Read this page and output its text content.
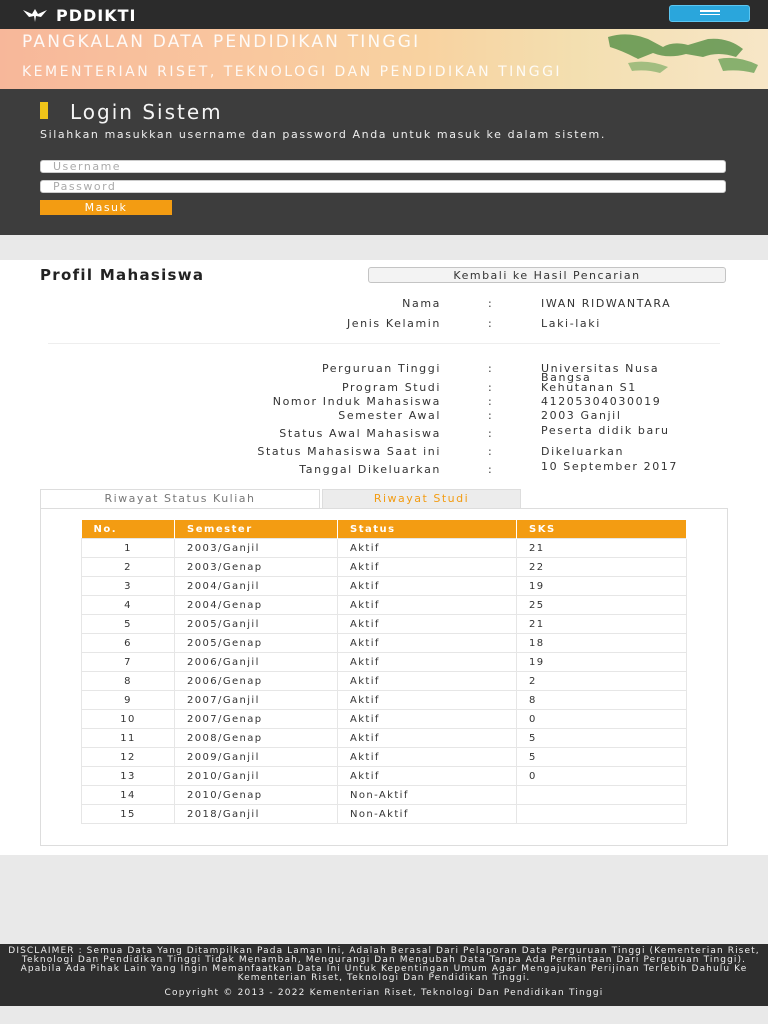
PDDIKTI
PANGKALAN DATA PENDIDIKAN TINGGI
KEMENTERIAN RISET, TEKNOLOGI DAN PENDIDIKAN TINGGI
Login Sistem
Silahkan masukkan username dan password Anda untuk masuk ke dalam sistem.
Username
Masuk
Profil Mahasiswa	Kembali ke Hasil Pencarian
Nama	:	IWAN RIDWANTARA
Jenis Kelamin	:	Laki-laki
Perguruan Tinggi	:	Universitas Nusa Bangsa
Program Studi	:	Kehutanan S1
Nomor Induk Mahasiswa	:	41205304030019
Semester Awal	:	2003 Ganjil
Status Awal Mahasiswa	:	Peserta didik baru
Status Mahasiswa Saat ini	:	Dikeluarkan
Tanggal Dikeluarkan	:	10 September 2017
Riwayat Status Kuliah	Riwayat Studi
No.	Semester	Status	SKS
1	2003/Ganjil	Aktif	21
2	2003/Genap	Aktif	22
3	2004/Ganjil	Aktif	19
4	2004/Genap	Aktif	25
5	2005/Ganjil	Aktif	21
6	2005/Genap	Aktif	18
7	2006/Ganjil	Aktif	19
8	2006/Genap	Aktif	2
9	2007/Ganjil	Aktif	8
10	2007/Genap	Aktif	0
11	2008/Genap	Aktif	5
12	2009/Ganjil	Aktif	5
13	2010/Ganjil	Aktif	0
14	2010/Genap	Non-Aktif	
15	2018/Ganjil	Non-Aktif	
DISCLAIMER : Semua Data Yang Ditampilkan Pada Laman Ini, Adalah Berasal Dari Pelaporan Data Perguruan Tinggi (Kementerian Riset, Teknologi Dan Pendidikan Tinggi Tidak Menambah, Mengurangi Dan Mengubah Data Tanpa Ada Permintaan Dari Perguruan Tinggi). Apabila Ada Pihak Lain Yang Ingin Memanfaatkan Data Ini Untuk Kepentingan Umum Agar Mengajukan Perijinan Terlebih Dahulu Ke Kementerian Riset, Teknologi Dan Pendidikan Tinggi.
Copyright © 2013 - 2022 Kementerian Riset, Teknologi Dan Pendidikan Tinggi
